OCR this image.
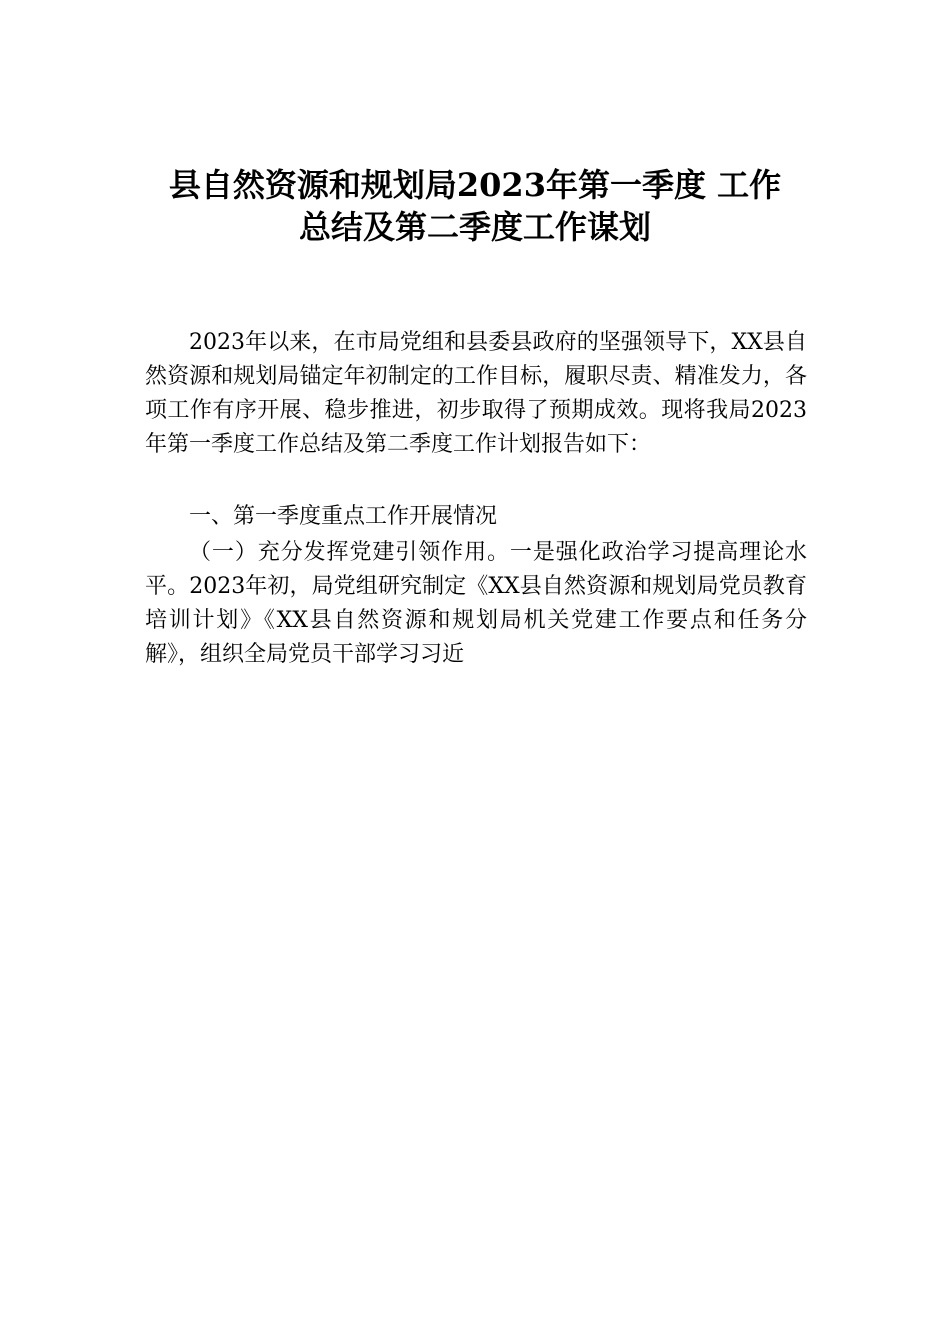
县自然资源和规划局2023年第一季度 工作
总结及第二季度工作谋划

2023年以来，在市局党组和县委县政府的坚强领导下，XX县自然资源和规划局锚定年初制定的工作目标，履职尽责、精准发力，各项工作有序开展、稳步推进，初步取得了预期成效。现将我局2023年第一季度工作总结及第二季度工作计划报告如下：

一、第一季度重点工作开展情况

（一）充分发挥党建引领作用。一是强化政治学习提高理论水平。2023年初，局党组研究制定《XX县自然资源和规划局党员教育培训计划》《XX县自然资源和规划局机关党建工作要点和任务分解》，组织全局党员干部学习习近
